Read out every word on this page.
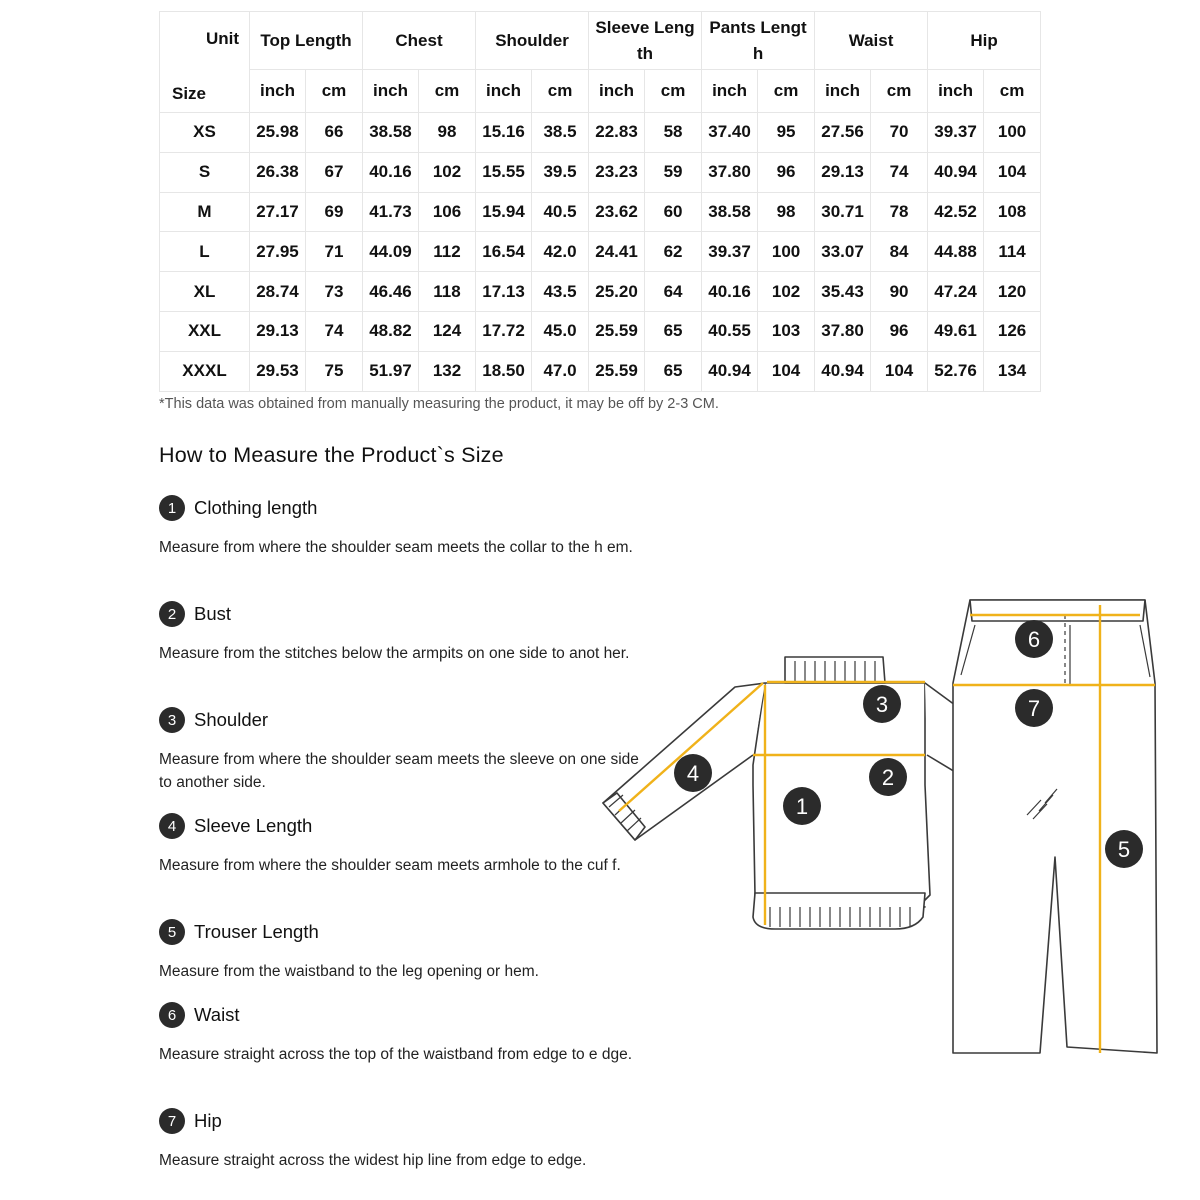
Unit
Size	Top Length		Chest		Shoulder		Sleeve Leng th		Pants Lengt h		Waist		Hip	
	inch	cm	inch	cm	inch	cm	inch	cm	inch	cm	inch	cm	inch	cm
XS	25.98	66	38.58	98	15.16	38.5	22.83	58	37.40	95	27.56	70	39.37	100
S	26.38	67	40.16	102	15.55	39.5	23.23	59	37.80	96	29.13	74	40.94	104
M	27.17	69	41.73	106	15.94	40.5	23.62	60	38.58	98	30.71	78	42.52	108
L	27.95	71	44.09	112	16.54	42.0	24.41	62	39.37	100	33.07	84	44.88	114
XL	28.74	73	46.46	118	17.13	43.5	25.20	64	40.16	102	35.43	90	47.24	120
XXL	29.13	74	48.82	124	17.72	45.0	25.59	65	40.55	103	37.80	96	49.61	126
XXXL	29.53	75	51.97	132	18.50	47.0	25.59	65	40.94	104	40.94	104	52.76	134
*This data was obtained from manually measuring the product, it may be off by 2-3 CM.
How to Measure the Product`s Size
1 Clothing length
Measure from where the shoulder seam meets the collar to the h em.
2 Bust
Measure from the stitches below the armpits on one side to anot her.
3 Shoulder
Measure from where the shoulder seam meets the sleeve on one side to another side.
4 Sleeve Length
Measure from where the shoulder seam meets armhole to the cuf f.
5 Trouser Length
Measure from the waistband to the leg opening or hem.
6 Waist
Measure straight across the top of the waistband from edge to e dge.
7 Hip
Measure straight across the widest hip line from edge to edge.
1
2
3
4
5
6
7
